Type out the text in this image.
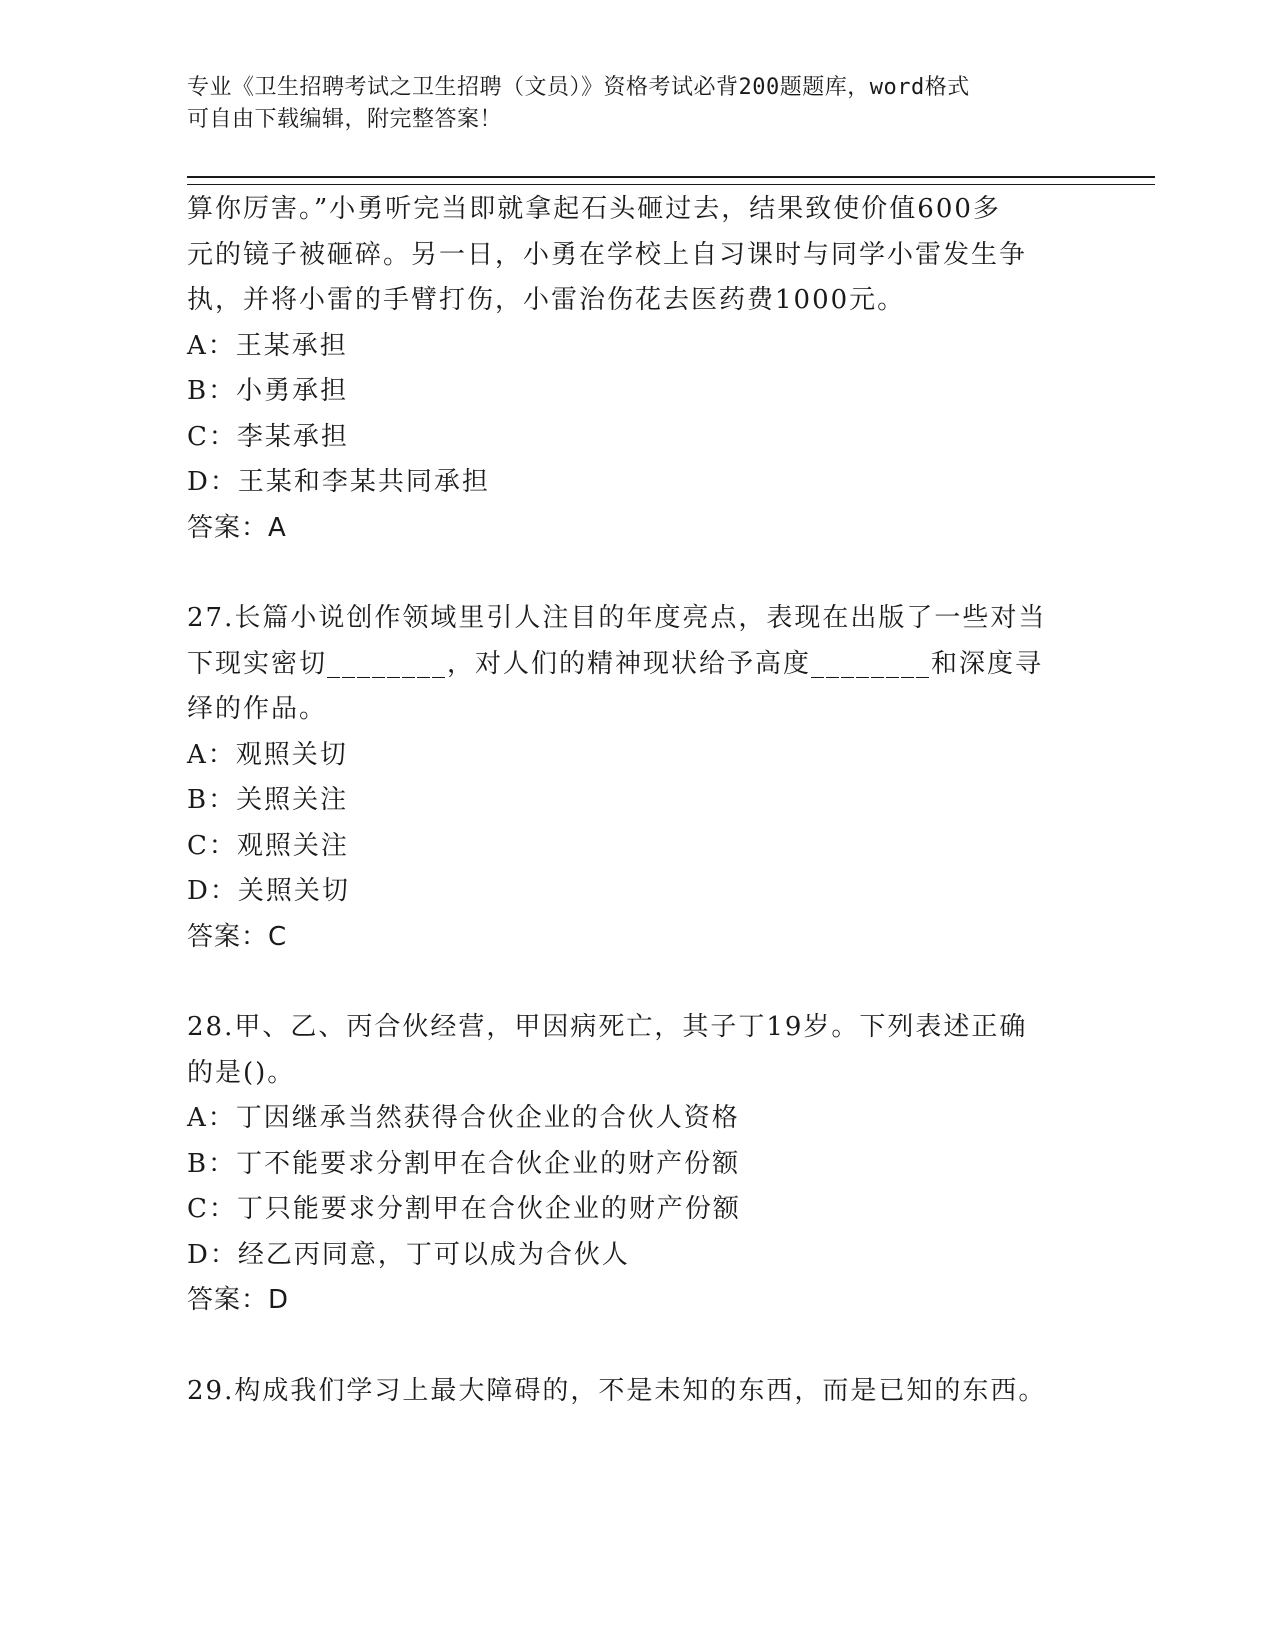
专业《卫生招聘考试之卫生招聘（文员）》资格考试必背200题题库，word格式
可自由下载编辑，附完整答案！

算你厉害。”小勇听完当即就拿起石头砸过去，结果致使价值600多

元的镜子被砸碎。另一日，小勇在学校上自习课时与同学小雷发生争

执，并将小雷的手臂打伤，小雷治伤花去医药费1000元。

A：王某承担

B：小勇承担

C：李某承担

D：王某和李某共同承担

答案：A

27.长篇小说创作领域里引人注目的年度亮点，表现在出版了一些对当

下现实密切________，对人们的精神现状给予高度________和深度寻

绎的作品。

A：观照关切

B：关照关注

C：观照关注

D：关照关切

答案：C

28.甲、乙、丙合伙经营，甲因病死亡，其子丁19岁。下列表述正确

的是()。

A：丁因继承当然获得合伙企业的合伙人资格

B：丁不能要求分割甲在合伙企业的财产份额

C：丁只能要求分割甲在合伙企业的财产份额

D：经乙丙同意，丁可以成为合伙人

答案：D

29.构成我们学习上最大障碍的，不是未知的东西，而是已知的东西。
